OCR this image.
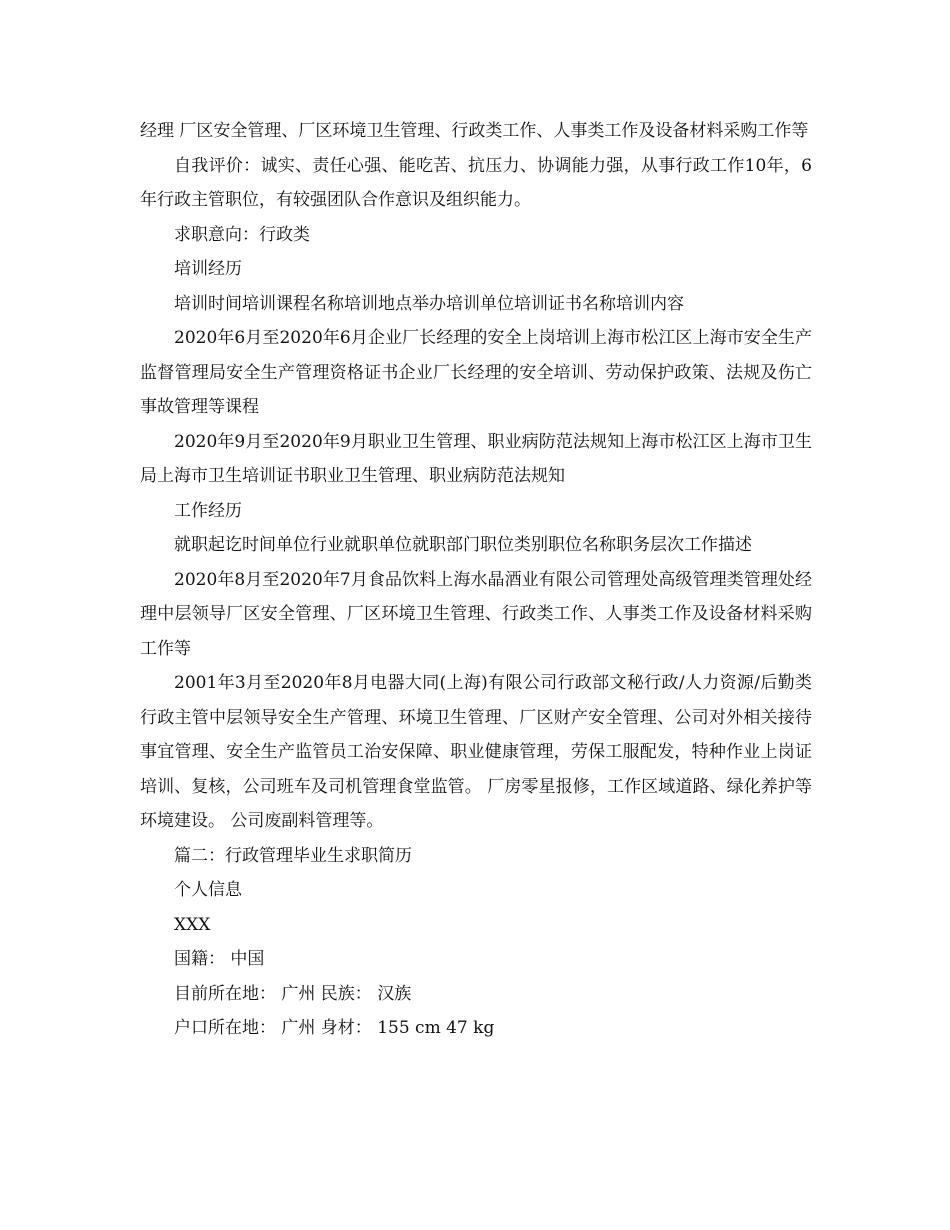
经理 厂区安全管理、厂区环境卫生管理、行政类工作、人事类工作及设备材料采购工作等

自我评价：诚实、责任心强、能吃苦、抗压力、协调能力强，从事行政工作10年，6年行政主管职位，有较强团队合作意识及组织能力。

求职意向：行政类

培训经历

培训时间培训课程名称培训地点举办培训单位培训证书名称培训内容

2020年6月至2020年6月企业厂长经理的安全上岗培训上海市松江区上海市安全生产监督管理局安全生产管理资格证书企业厂长经理的安全培训、劳动保护政策、法规及伤亡事故管理等课程

2020年9月至2020年9月职业卫生管理、职业病防范法规知上海市松江区上海市卫生局上海市卫生培训证书职业卫生管理、职业病防范法规知

工作经历

就职起讫时间单位行业就职单位就职部门职位类别职位名称职务层次工作描述

2020年8月至2020年7月食品饮料上海水晶酒业有限公司管理处高级管理类管理处经理中层领导厂区安全管理、厂区环境卫生管理、行政类工作、人事类工作及设备材料采购工作等

2001年3月至2020年8月电器大同(上海)有限公司行政部文秘行政/人力资源/后勤类行政主管中层领导安全生产管理、环境卫生管理、厂区财产安全管理、公司对外相关接待事宜管理、安全生产监管员工治安保障、职业健康管理，劳保工服配发，特种作业上岗证培训、复核，公司班车及司机管理食堂监管。 厂房零星报修，工作区域道路、绿化养护等环境建设。 公司废副料管理等。

篇二：行政管理毕业生求职简历

个人信息

XXX

国籍： 中国

目前所在地： 广州 民族： 汉族

户口所在地： 广州 身材： 155 cm 47 kg
